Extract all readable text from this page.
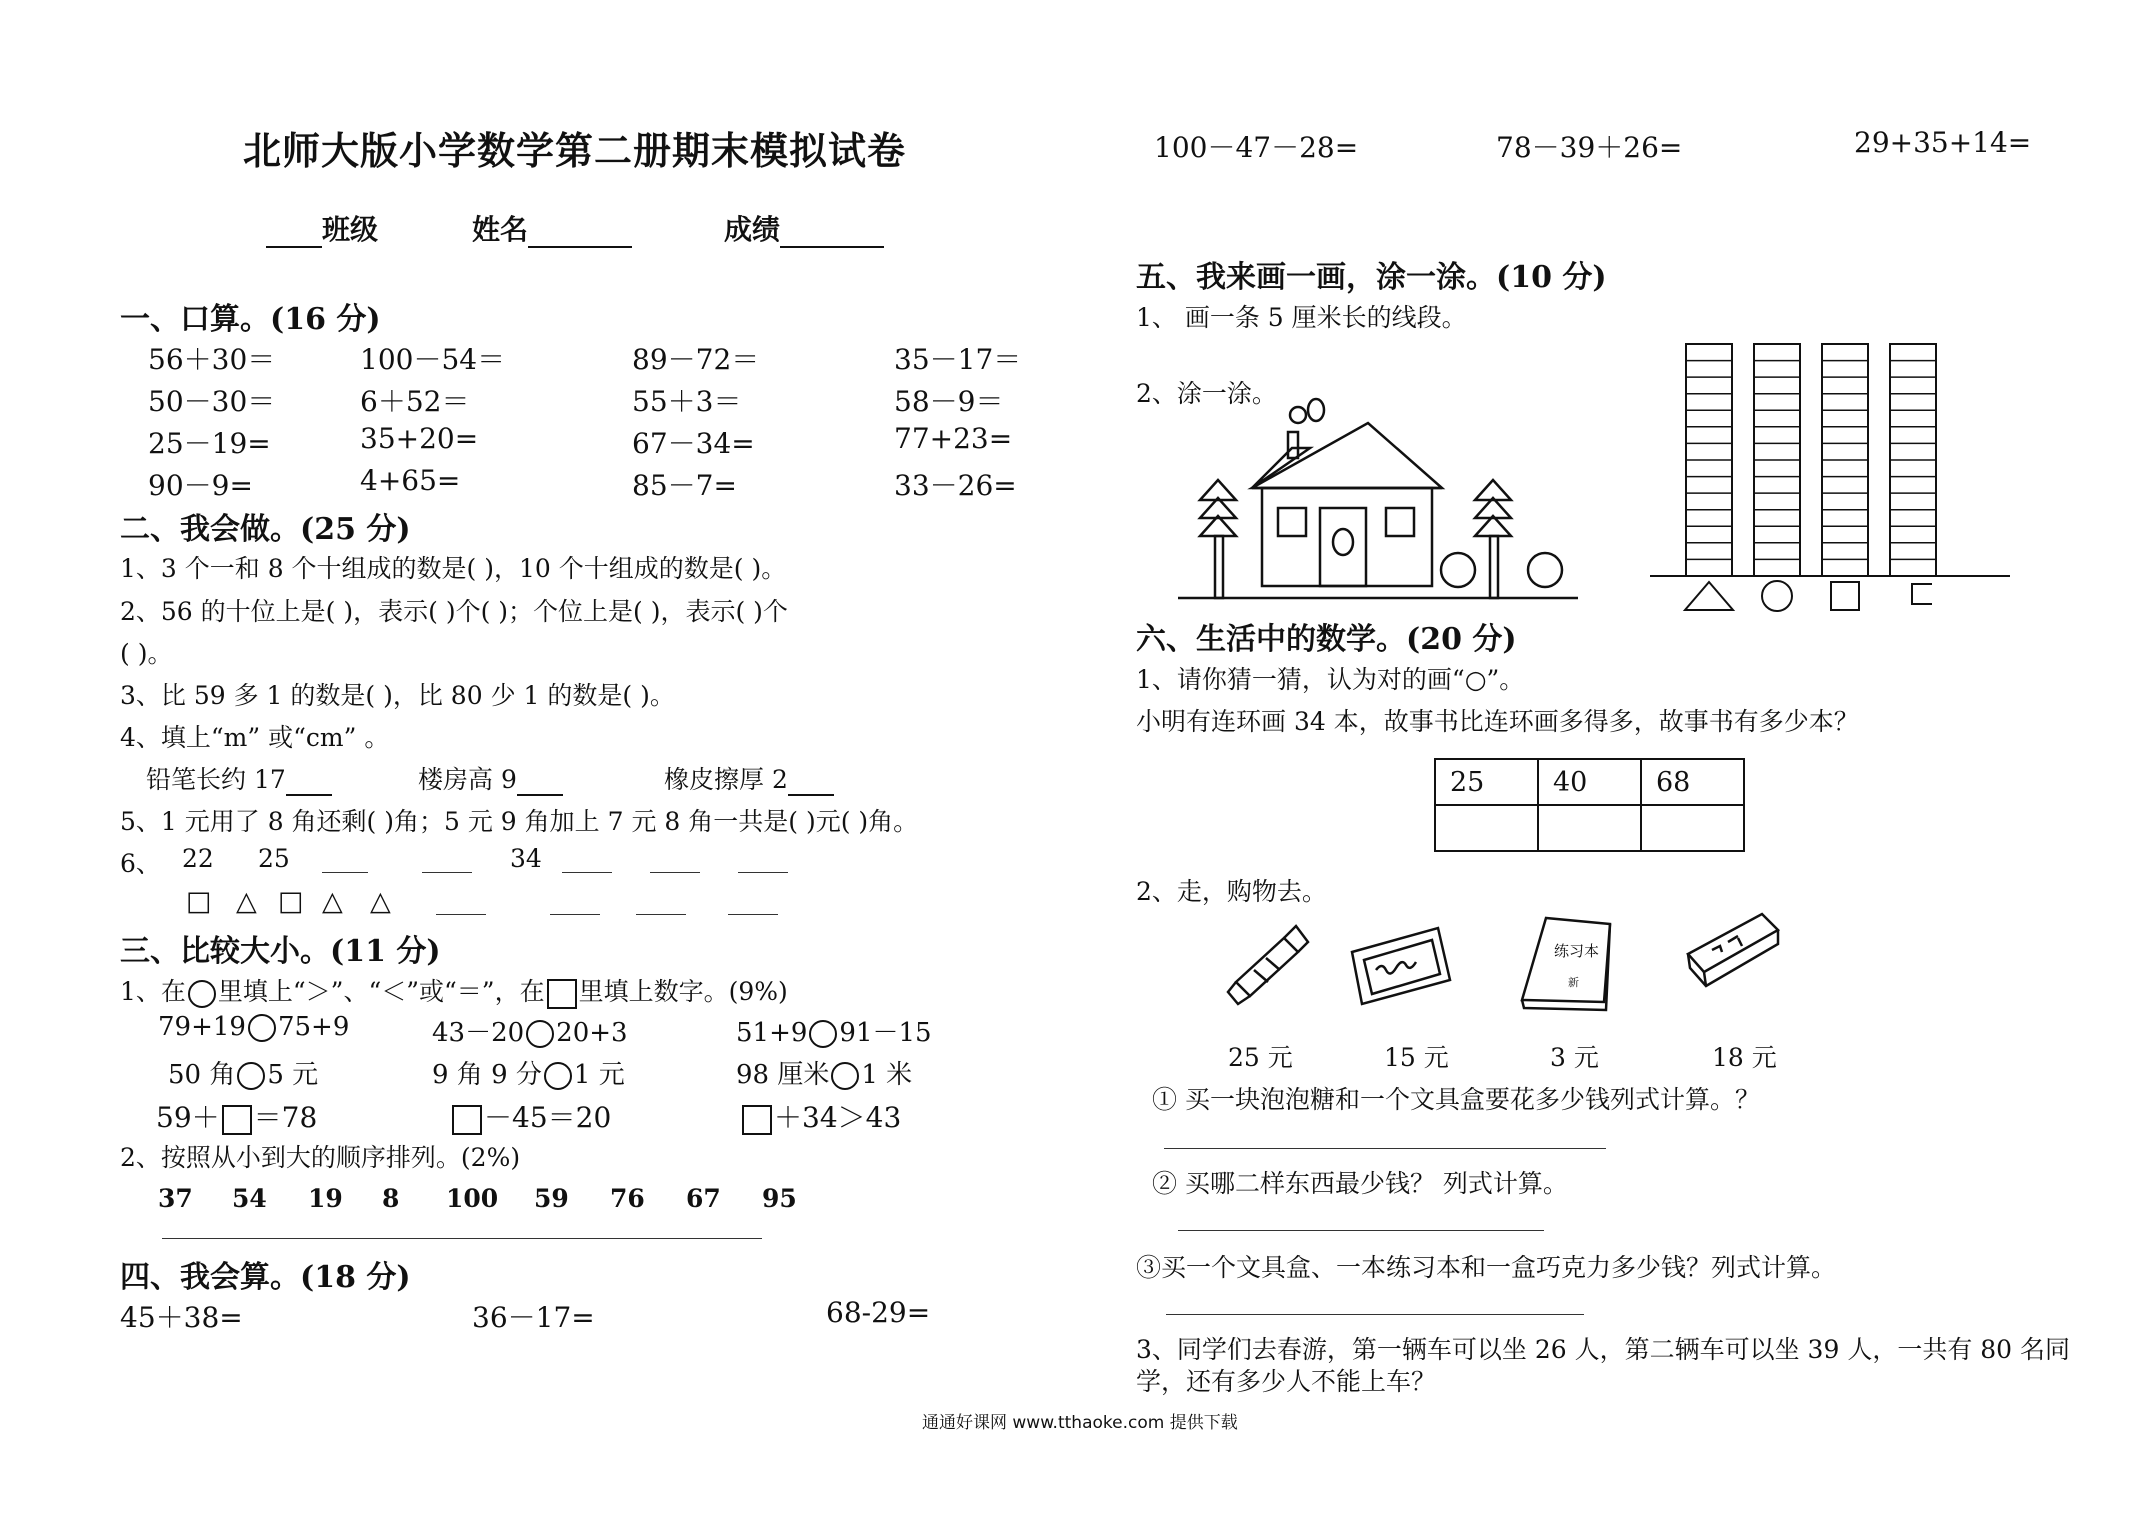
北师大版小学数学第二册期末模拟试卷
班级	姓名	成绩
一、口算。(16 分)
56＋30＝	100－54＝	89－72＝	35－17＝
50－30＝	6＋52＝	55＋3＝	58－9＝
25－19=	35+20=	67－34=	77+23=
90－9=	4+65=	85－7=	33－26=
二、我会做。(25 分)
1、3 个一和 8 个十组成的数是( )，10 个十组成的数是( )。
2、56 的十位上是( )，表示( )个( )；个位上是( )，表示( )个
( )。
3、比 59 多 1 的数是( )，比 80 少 1 的数是( )。
4、填上“m” 或“cm” 。
铅笔长约 17	楼房高 9	橡皮擦厚 2
5、1 元用了 8 角还剩( )角；5 元 9 角加上 7 元 8 角一共是( )元( )角。
6、 22 25	34
□ △ □ △ △
三、比较大小。(11 分)
1、在 里填上“＞”、“＜”或“＝”，在 里填上数字。(9%)
79+19 75+9	43－20 20+3	51+9 91－15
50 角 5 元	9 角 9 分 1 元	98 厘米 1 米
59＋ ＝78	－45＝20	＋34＞43
2、按照从小到大的顺序排列。(2%)
37 54 19 8 100 59 76 67 95
四、我会算。(18 分)
45＋38=	36－17=	68-29=
100－47－28=	78－39＋26=	29+35+14=
五、我来画一画，涂一涂。(10 分)
1、 画一条 5 厘米长的线段。
2、涂一涂。
六、生活中的数学。(20 分)
1、请你猜一猜，认为对的画“○”。
小明有连环画 34 本，故事书比连环画多得多，故事书有多少本？
25	40	68

2、走，购物去。
练习本
新
25 元	15 元	3 元	18 元
① 买一块泡泡糖和一个文具盒要花多少钱列式计算。？
② 买哪二样东西最少钱？ 列式计算。
③买一个文具盒、一本练习本和一盒巧克力多少钱？列式计算。
3、同学们去春游，第一辆车可以坐 26 人，第二辆车可以坐 39 人，一共有 80 名同
学，还有多少人不能上车？
通通好课网 www.tthaoke.com 提供下载
